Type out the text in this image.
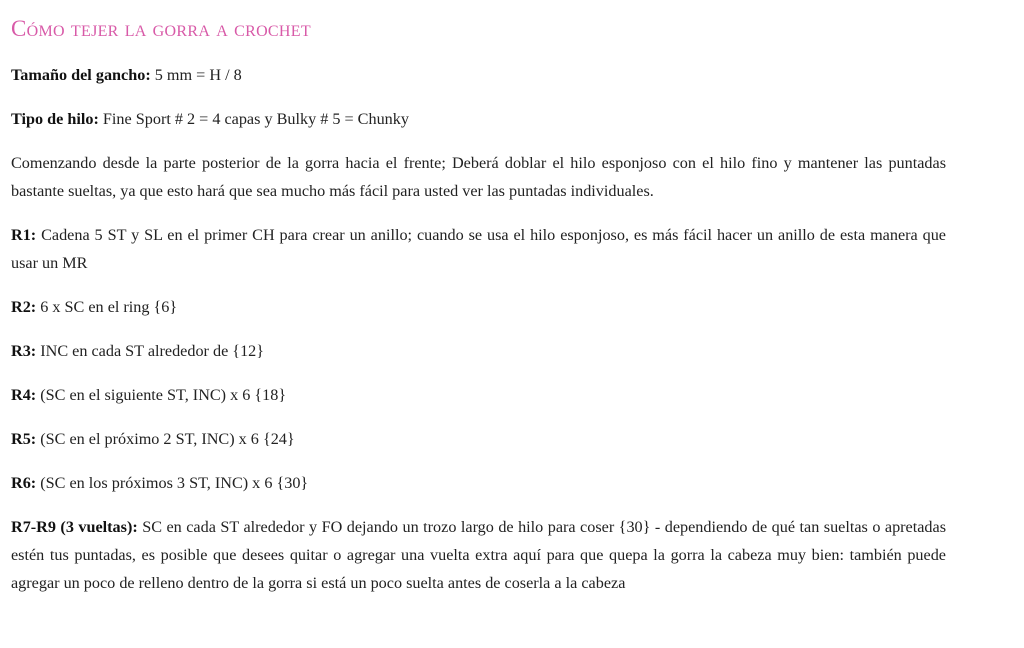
Cómo tejer la gorra a crochet

Tamaño del gancho: 5 mm = H / 8

Tipo de hilo: Fine Sport # 2 = 4 capas y Bulky # 5 = Chunky

Comenzando desde la parte posterior de la gorra hacia el frente; Deberá doblar el hilo esponjoso con el hilo fino y mantener las puntadas bastante sueltas, ya que esto hará que sea mucho más fácil para usted ver las puntadas individuales.

R1: Cadena 5 ST y SL en el primer CH para crear un anillo; cuando se usa el hilo esponjoso, es más fácil hacer un anillo de esta manera que usar un MR

R2: 6 x SC en el ring {6}

R3: INC en cada ST alrededor de {12}

R4: (SC en el siguiente ST, INC) x 6 {18}

R5: (SC en el próximo 2 ST, INC) x 6 {24}

R6: (SC en los próximos 3 ST, INC) x 6 {30}

R7-R9 (3 vueltas): SC en cada ST alrededor y FO dejando un trozo largo de hilo para coser {30} - dependiendo de qué tan sueltas o apretadas estén tus puntadas, es posible que desees quitar o agregar una vuelta extra aquí para que quepa la gorra la cabeza muy bien: también puede agregar un poco de relleno dentro de la gorra si está un poco suelta antes de coserla a la cabeza
